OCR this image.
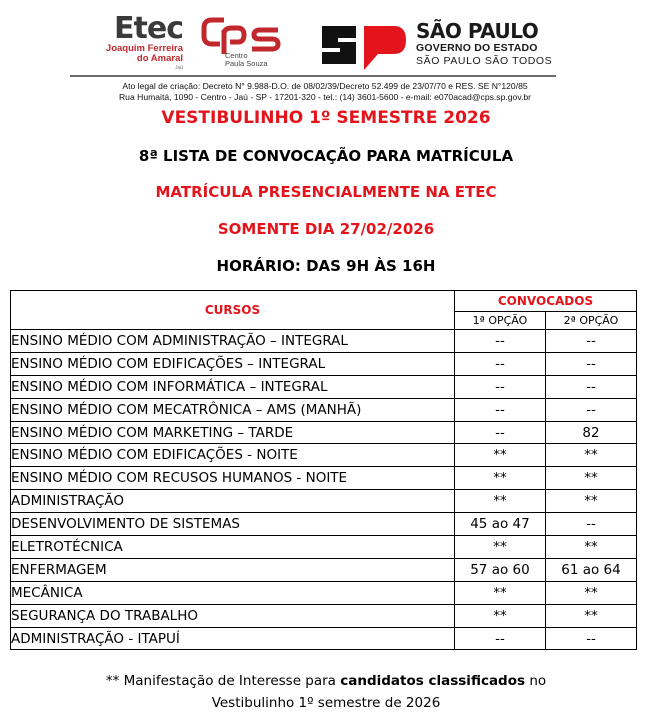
Etec
Joaquim Ferreira
do Amaral
Jaú
Centro
Paula Souza
SÃO PAULO
GOVERNO DO ESTADO
SÃO PAULO SÃO TODOS
Ato legal de criação: Decreto N° 9.988-D.O. de 08/02/39/Decreto 52.499 de 23/07/70 e RES. SE N°120/85
Rua Humaitá, 1090 - Centro - Jaú - SP - 17201-320 - tel.: (14) 3601-5600 - e-mail: e070acad@cps.sp.gov.br
VESTIBULINHO 1º SEMESTRE 2026
8ª LISTA DE CONVOCAÇÃO PARA MATRÍCULA
MATRÍCULA PRESENCIALMENTE NA ETEC
SOMENTE DIA 27/02/2026
HORÁRIO: DAS 9H ÀS 16H
CURSOS	CONVOCADOS	
	1ª OPÇÃO	2ª OPÇÃO
ENSINO MÉDIO COM ADMINISTRAÇÃO – INTEGRAL	--	--
ENSINO MÉDIO COM EDIFICAÇÕES – INTEGRAL	--	--
ENSINO MÉDIO COM INFORMÁTICA – INTEGRAL	--	--
ENSINO MÉDIO COM MECATRÔNICA – AMS (MANHÃ)	--	--
ENSINO MÉDIO COM MARKETING – TARDE	--	82
ENSINO MÉDIO COM EDIFICAÇÕES - NOITE	**	**
ENSINO MÉDIO COM RECUSOS HUMANOS - NOITE	**	**
ADMINISTRAÇÃO	**	**
DESENVOLVIMENTO DE SISTEMAS	45 ao 47	--
ELETROTÉCNICA	**	**
ENFERMAGEM	57 ao 60	61 ao 64
MECÂNICA	**	**
SEGURANÇA DO TRABALHO	**	**
ADMINISTRAÇÃO - ITAPUÍ	--	--
** Manifestação de Interesse para candidatos classificados no
Vestibulinho 1º semestre de 2026
